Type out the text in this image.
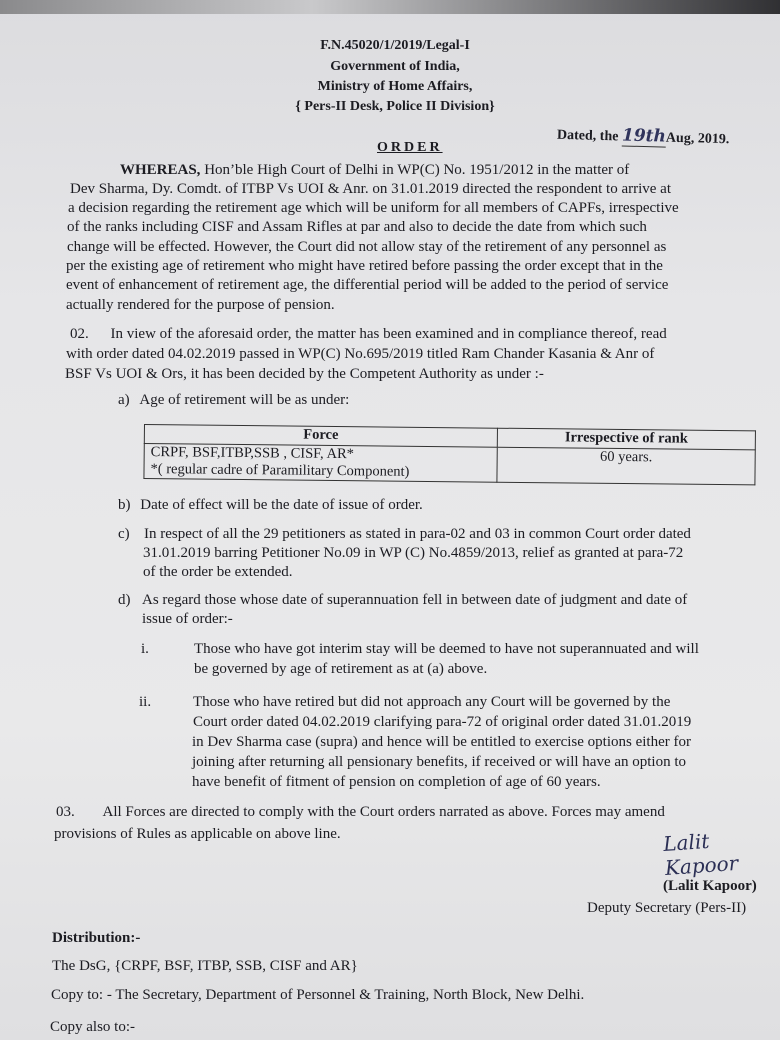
F.N.45020/1/2019/Legal-I
Government of India,
Ministry of Home Affairs,
{ Pers-II Desk, Police II Division}
Dated, the 19thAug, 2019.
ORDER
WHEREAS, Hon’ble High Court of Delhi in WP(C) No. 1951/2012 in the matter of
Dev Sharma, Dy. Comdt. of ITBP Vs UOI & Anr. on 31.01.2019 directed the respondent to arrive at
a decision regarding the retirement age which will be uniform for all members of CAPFs, irrespective
of the ranks including CISF and Assam Rifles at par and also to decide the date from which such
change will be effected. However, the Court did not allow stay of the retirement of any personnel as
per the existing age of retirement who might have retired before passing the order except that in the
event of enhancement of retirement age, the differential period will be added to the period of service
actually rendered for the purpose of pension.
02. In view of the aforesaid order, the matter has been examined and in compliance thereof, read
with order dated 04.02.2019 passed in WP(C) No.695/2019 titled Ram Chander Kasania & Anr of
BSF Vs UOI & Ors, it has been decided by the Competent Authority as under :-
a) Age of retirement will be as under:
Force	Irrespective of rank

CRPF, BSF,ITBP,SSB , CISF, AR*
*( regular cadre of Paramilitary Component)	60 years.
b) Date of effect will be the date of issue of order.
c) In respect of all the 29 petitioners as stated in para-02 and 03 in common Court order dated
31.01.2019 barring Petitioner No.09 in WP (C) No.4859/2013, relief as granted at para-72
of the order be extended.
d) As regard those whose date of superannuation fell in between date of judgment and date of
issue of order:-
i.	Those who have got interim stay will be deemed to have not superannuated and will
be governed by age of retirement as at (a) above.
ii.	Those who have retired but did not approach any Court will be governed by the
Court order dated 04.02.2019 clarifying para-72 of original order dated 31.01.2019
in Dev Sharma case (supra) and hence will be entitled to exercise options either for
joining after returning all pensionary benefits, if received or will have an option to
have benefit of fitment of pension on completion of age of 60 years.
03. All Forces are directed to comply with the Court orders narrated as above. Forces may amend
provisions of Rules as applicable on above line.	Lalit Kapoor
(Lalit Kapoor)
Deputy Secretary (Pers-II)
Distribution:-
The DsG, {CRPF, BSF, ITBP, SSB, CISF and AR}
Copy to: - The Secretary, Department of Personnel & Training, North Block, New Delhi.
Copy also to:-
